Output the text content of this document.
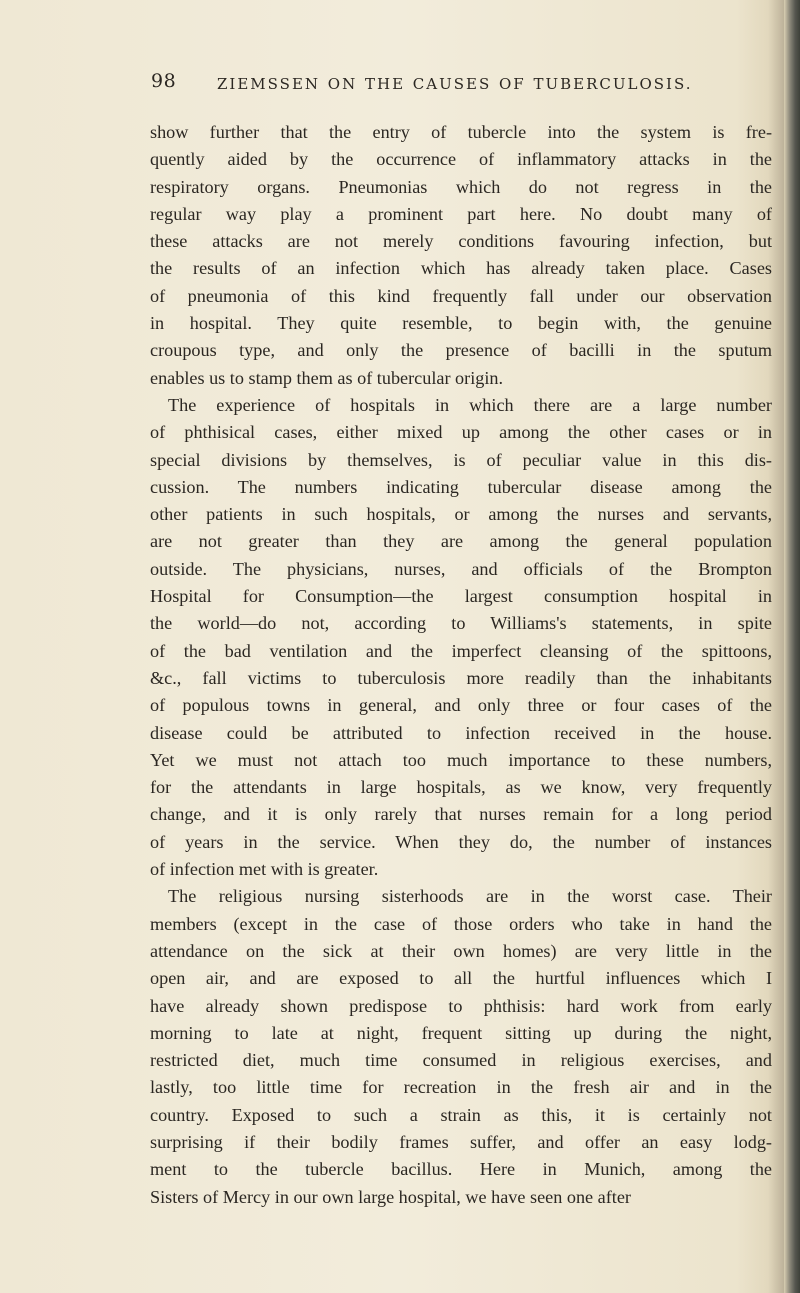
98	ZIEMSSEN ON THE CAUSES OF TUBERCULOSIS.
show further that the entry of tubercle into the system is fre-
quently aided by the occurrence of inflammatory attacks in the
respiratory organs. Pneumonias which do not regress in the
regular way play a prominent part here. No doubt many of
these attacks are not merely conditions favouring infection, but
the results of an infection which has already taken place. Cases
of pneumonia of this kind frequently fall under our observation
in hospital. They quite resemble, to begin with, the genuine
croupous type, and only the presence of bacilli in the sputum
enables us to stamp them as of tubercular origin.
The experience of hospitals in which there are a large number
of phthisical cases, either mixed up among the other cases or in
special divisions by themselves, is of peculiar value in this dis-
cussion. The numbers indicating tubercular disease among the
other patients in such hospitals, or among the nurses and servants,
are not greater than they are among the general population
outside. The physicians, nurses, and officials of the Brompton
Hospital for Consumption—the largest consumption hospital in
the world—do not, according to Williams's statements, in spite
of the bad ventilation and the imperfect cleansing of the spittoons,
&c., fall victims to tuberculosis more readily than the inhabitants
of populous towns in general, and only three or four cases of the
disease could be attributed to infection received in the house.
Yet we must not attach too much importance to these numbers,
for the attendants in large hospitals, as we know, very frequently
change, and it is only rarely that nurses remain for a long period
of years in the service. When they do, the number of instances
of infection met with is greater.
The religious nursing sisterhoods are in the worst case. Their
members (except in the case of those orders who take in hand the
attendance on the sick at their own homes) are very little in the
open air, and are exposed to all the hurtful influences which I
have already shown predispose to phthisis: hard work from early
morning to late at night, frequent sitting up during the night,
restricted diet, much time consumed in religious exercises, and
lastly, too little time for recreation in the fresh air and in the
country. Exposed to such a strain as this, it is certainly not
surprising if their bodily frames suffer, and offer an easy lodg-
ment to the tubercle bacillus. Here in Munich, among the
Sisters of Mercy in our own large hospital, we have seen one after
